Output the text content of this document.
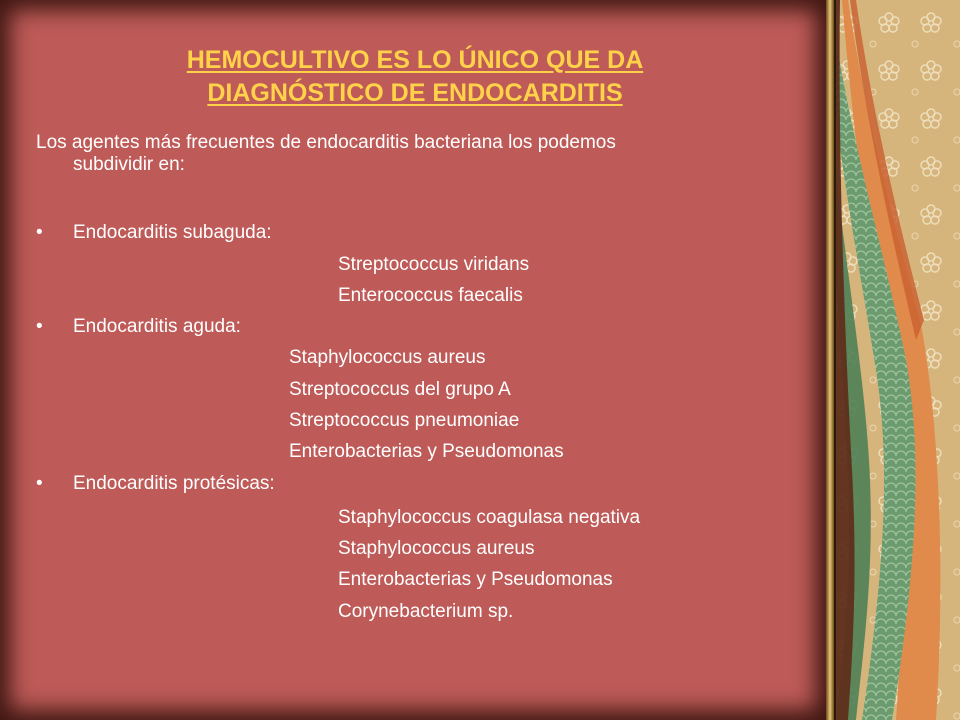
HEMOCULTIVO ES LO ÚNICO QUE DA
DIAGNÓSTICO DE ENDOCARDITIS
Los agentes más frecuentes de endocarditis bacteriana los podemos
subdividir en:
• Endocarditis subaguda:
Streptococcus viridans
Enterococcus faecalis
• Endocarditis aguda:
Staphylococcus aureus
Streptococcus del grupo A
Streptococcus pneumoniae
Enterobacterias y Pseudomonas
• Endocarditis protésicas:
Staphylococcus coagulasa negativa
Staphylococcus aureus
Enterobacterias y Pseudomonas
Corynebacterium sp.
